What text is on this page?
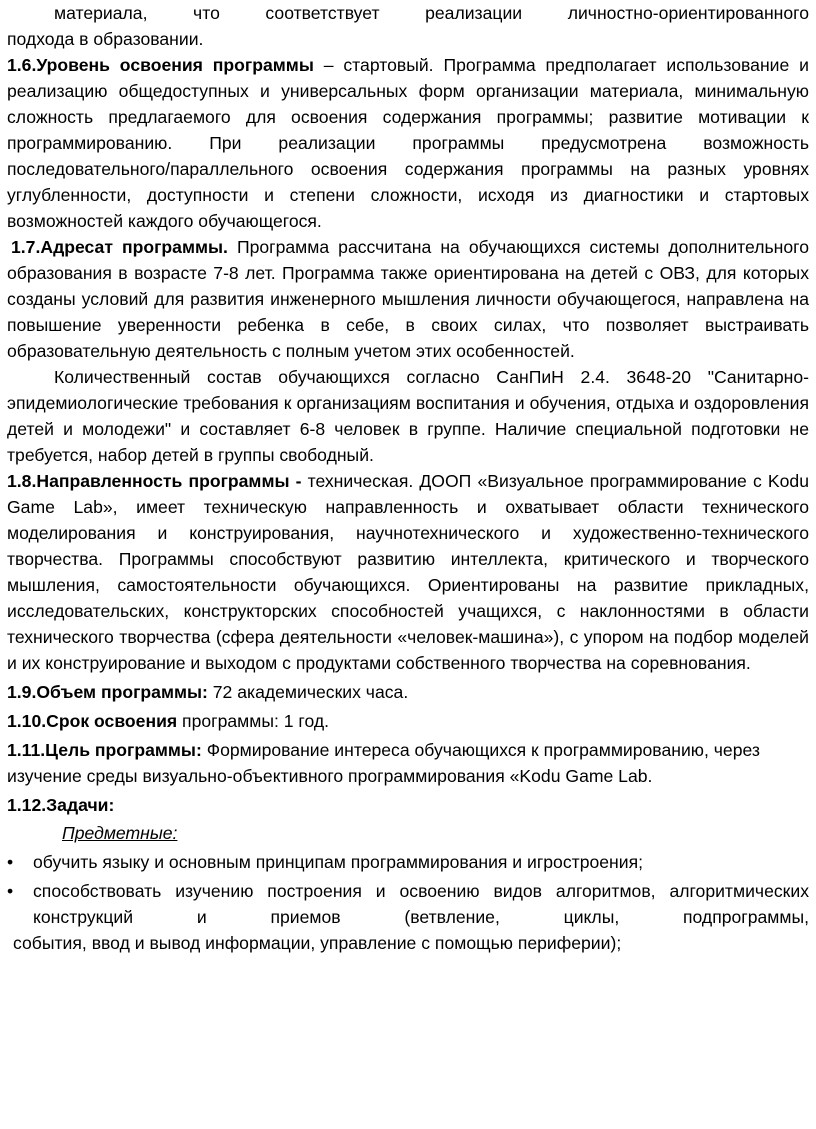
материала, что соответствует реализации личностно-ориентированного

подхода в образовании.

1.6.Уровень освоения программы – стартовый. Программа предполагает использование и реализацию общедоступных и универсальных форм организации материала, минимальную сложность предлагаемого для освоения содержания программы; развитие мотивации к программированию. При реализации программы предусмотрена возможность последовательного/параллельного освоения содержания программы на разных уровнях углубленности, доступности и степени сложности, исходя из диагностики и стартовых возможностей каждого обучающегося.

1.7.Адресат программы. Программа рассчитана на обучающихся системы дополнительного образования в возрасте 7-8 лет. Программа также ориентирована на детей с ОВЗ, для которых созданы условий для развития инженерного мышления личности обучающегося, направлена на повышение уверенности ребенка в себе, в своих силах, что позволяет выстраивать образовательную деятельность с полным учетом этих особенностей.

Количественный состав обучающихся согласно СанПиН 2.4. 3648-20 "Санитарно-эпидемиологические требования к организациям воспитания и обучения, отдыха и оздоровления детей и молодежи" и составляет 6-8 человек в группе. Наличие специальной подготовки не требуется, набор детей в группы свободный.

1.8.Направленность программы - техническая. ДООП «Визуальное программирование с Kodu Game Lab», имеет техническую направленность и охватывает области технического моделирования и конструирования, научнотехнического и художественно-технического творчества. Программы способствуют развитию интеллекта, критического и творческого мышления, самостоятельности обучающихся. Ориентированы на развитие прикладных, исследовательских, конструкторских способностей учащихся, с наклонностями в области технического творчества (сфера деятельности «человек-машина»), с упором на подбор моделей и их конструирование и выходом с продуктами собственного творчества на соревнования.

1.9.Объем программы: 72 академических часа.

1.10.Срок освоения программы: 1 год.

1.11.Цель программы: Формирование интереса обучающихся к программированию, через изучение среды визуально-объективного программирования «Kodu Game Lab.

1.12.Задачи:

Предметные:

• обучить языку и основным принципам программирования и игростроения;
• способствовать изучению построения и освоению видов алгоритмов, алгоритмических конструкций и приемов (ветвление, циклы, подпрограммы,

события, ввод и вывод информации, управление с помощью периферии);
